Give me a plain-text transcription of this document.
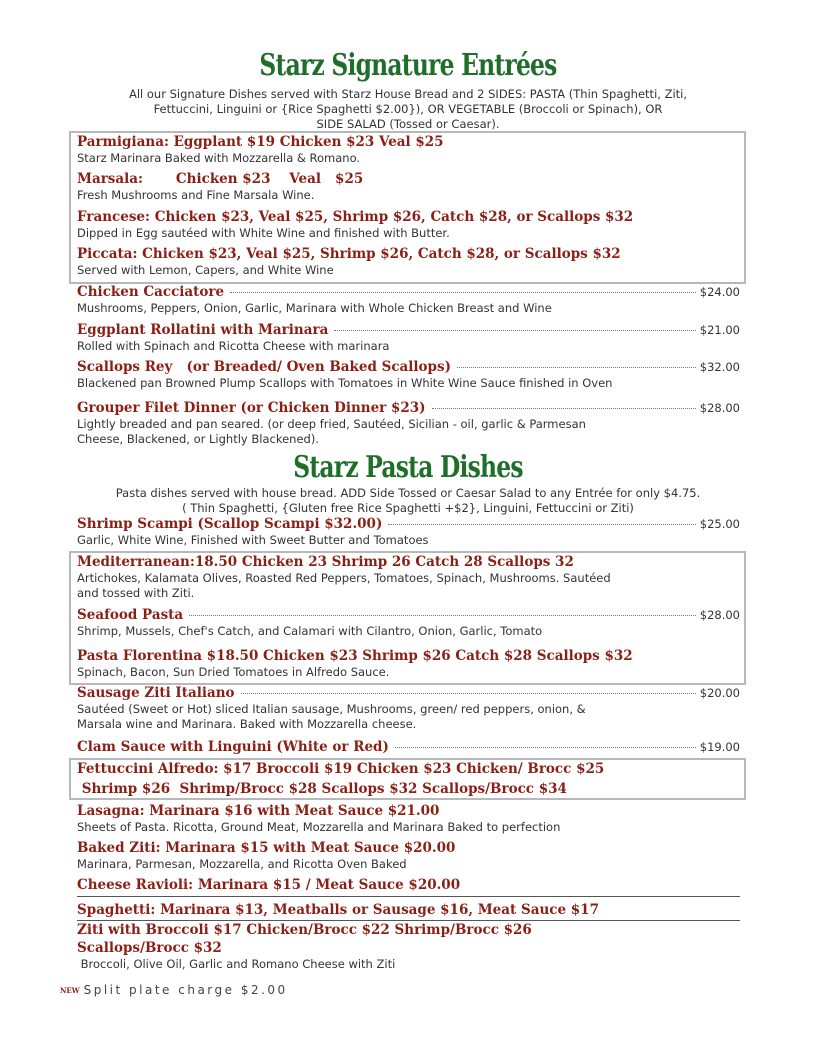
Starz Signature Entrées
All our Signature Dishes served with Starz House Bread and 2 SIDES: PASTA (Thin Spaghetti, Ziti,
Fettuccini, Linguini or {Rice Spaghetti $2.00}), OR VEGETABLE (Broccoli or Spinach), OR
SIDE SALAD (Tossed or Caesar).
Parmigiana: Eggplant $19 Chicken $23 Veal $25
Starz Marinara Baked with Mozzarella & Romano.
Marsala:       Chicken $23    Veal   $25
Fresh Mushrooms and Fine Marsala Wine.
Francese: Chicken $23, Veal $25, Shrimp $26, Catch $28, or Scallops $32
Dipped in Egg sautéed with White Wine and finished with Butter.
Piccata: Chicken $23, Veal $25, Shrimp $26, Catch $28, or Scallops $32
Served with Lemon, Capers, and White Wine
Chicken Cacciatore	$24.00
Mushrooms, Peppers, Onion, Garlic, Marinara with Whole Chicken Breast and Wine
Eggplant Rollatini with Marinara	$21.00
Rolled with Spinach and Ricotta Cheese with marinara
Scallops Rey   (or Breaded/ Oven Baked Scallops)	$32.00
Blackened pan Browned Plump Scallops with Tomatoes in White Wine Sauce finished in Oven
Grouper Filet Dinner (or Chicken Dinner $23)	$28.00
Lightly breaded and pan seared. (or deep fried, Sautéed, Sicilian - oil, garlic & Parmesan
Cheese, Blackened, or Lightly Blackened).
Starz Pasta Dishes
Pasta dishes served with house bread. ADD Side Tossed or Caesar Salad to any Entrée for only $4.75.
( Thin Spaghetti, {Gluten free Rice Spaghetti +$2}, Linguini, Fettuccini or Ziti)
Shrimp Scampi (Scallop Scampi $32.00)	$25.00
Garlic, White Wine, Finished with Sweet Butter and Tomatoes
Mediterranean:18.50 Chicken 23 Shrimp 26 Catch 28 Scallops 32
Artichokes, Kalamata Olives, Roasted Red Peppers, Tomatoes, Spinach, Mushrooms. Sautéed
and tossed with Ziti.
Seafood Pasta	$28.00
Shrimp, Mussels, Chef's Catch, and Calamari with Cilantro, Onion, Garlic, Tomato
Pasta Florentina $18.50 Chicken $23 Shrimp $26 Catch $28 Scallops $32
Spinach, Bacon, Sun Dried Tomatoes in Alfredo Sauce.
Sausage Ziti Italiano	$20.00
Sautéed (Sweet or Hot) sliced Italian sausage, Mushrooms, green/ red peppers, onion, &
Marsala wine and Marinara. Baked with Mozzarella cheese.
Clam Sauce with Linguini (White or Red)	$19.00
Fettuccini Alfredo: $17 Broccoli $19 Chicken $23 Chicken/ Brocc $25
Shrimp $26  Shrimp/Brocc $28 Scallops $32 Scallops/Brocc $34
Lasagna: Marinara $16 with Meat Sauce $21.00
Sheets of Pasta. Ricotta, Ground Meat, Mozzarella and Marinara Baked to perfection
Baked Ziti: Marinara $15 with Meat Sauce $20.00
Marinara, Parmesan, Mozzarella, and Ricotta Oven Baked
Cheese Ravioli: Marinara $15 / Meat Sauce $20.00
Spaghetti: Marinara $13, Meatballs or Sausage $16, Meat Sauce $17
Ziti with Broccoli $17 Chicken/Brocc $22 Shrimp/Brocc $26
Scallops/Brocc $32
Broccoli, Olive Oil, Garlic and Romano Cheese with Ziti
NEW Split plate charge $2.00
